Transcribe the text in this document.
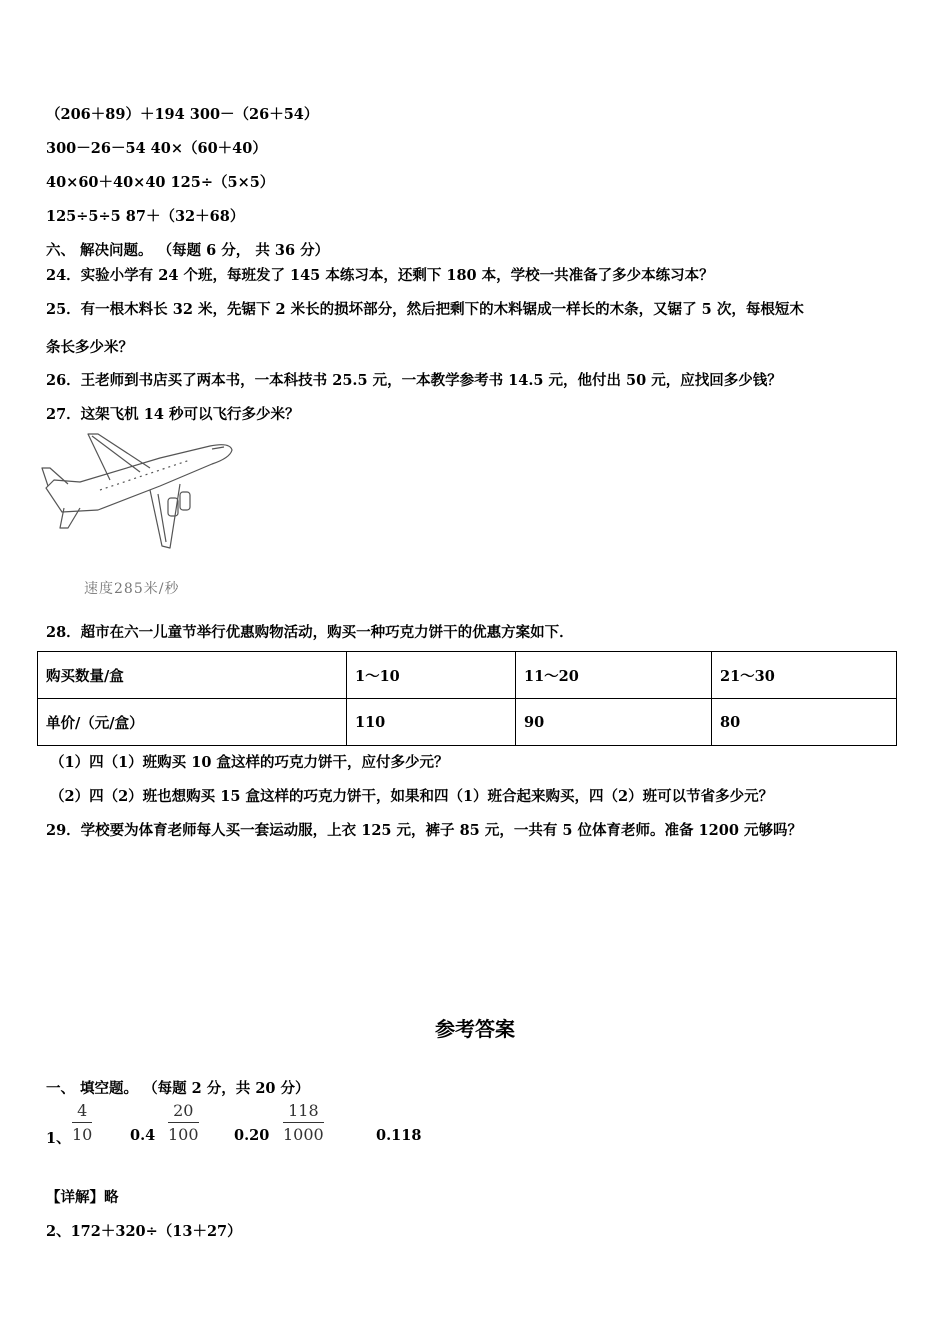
（206＋89）＋194 300－（26＋54）
300－26－54 40×（60＋40）
40×60＋40×40 125÷（5×5）
125÷5÷5 87＋（32＋68）
六、 解决问题。 （每题 6 分， 共 36 分）
24．实验小学有 24 个班，每班发了 145 本练习本，还剩下 180 本，学校一共准备了多少本练习本？
25．有一根木料长 32 米，先锯下 2 米长的损坏部分，然后把剩下的木料锯成一样长的木条，又锯了 5 次，每根短木
条长多少米？
26．王老师到书店买了两本书，一本科技书 25.5 元，一本教学参考书 14.5 元，他付出 50 元，应找回多少钱？
27．这架飞机 14 秒可以飞行多少米？
速度285米/秒
28．超市在六一儿童节举行优惠购物活动，购买一种巧克力饼干的优惠方案如下．
购买数量/盒	1～10	11～20	21～30
单价/（元/盒）	110	90	80
（1）四（1）班购买 10 盒这样的巧克力饼干，应付多少元？
（2）四（2）班也想购买 15 盒这样的巧克力饼干，如果和四（1）班合起来购买，四（2）班可以节省多少元？
29．学校要为体育老师每人买一套运动服，上衣 125 元，裤子 85 元，一共有 5 位体育老师。准备 1200 元够吗？
参考答案
一、 填空题。 （每题 2 分，共 20 分）
1、 $\frac{4}{10}$	$0.4 \frac{20}{100} 0.20 \frac{118}{1000}$	0.118
【详解】略
2、172＋320÷（13＋27）
